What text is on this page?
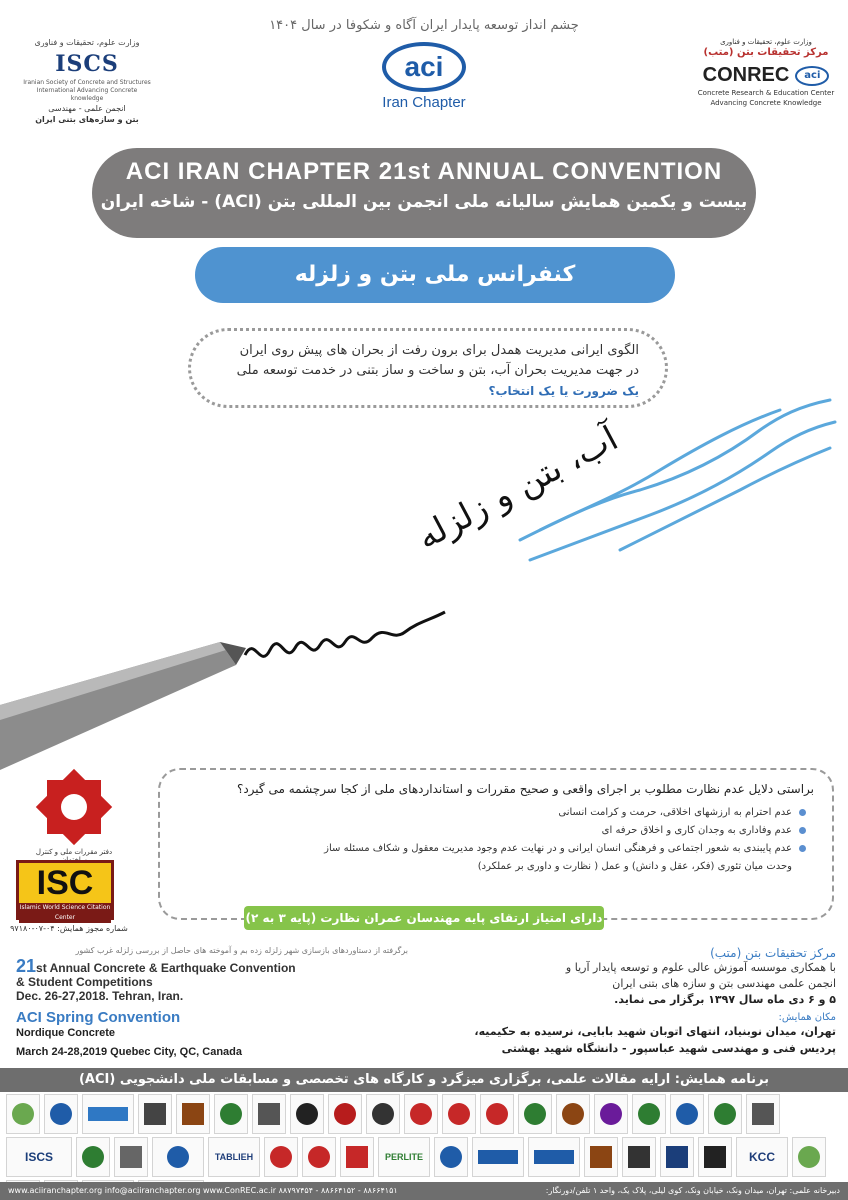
چشم انداز توسعه پایدار ایران آگاه و شکوفا در سال ۱۴۰۴
وزارت علوم، تحقیقات و فناوری
ISCS
Iranian Society of Concrete and Structures
International Advancing Concrete knowledge
انجمن علمی - مهندسی
بتن و سازه‌های بتنی ایران
aci
Iran Chapter
وزارت علوم، تحقیقات و فناوری
مرکز تحقیقات بتن (متب)
CONREC	aci
Concrete Research & Education Center
Advancing Concrete Knowledge
ACI IRAN CHAPTER 21st ANNUAL CONVENTION
بیست و یکمین همایش سالیانه ملی انجمن بین المللی بتن (ACI) - شاخه ایران
کنفرانس ملی بتن و زلزله

الگوی ایرانی مدیریت همدل برای برون رفت از بحران های پیش روی ایران

در جهت مدیریت بحران آب، بتن و ساخت و ساز بتنی در خدمت توسعه ملی

یک ضرورت یا یک انتخاب؟

آب، بتن و زلزله
دفتر مقررات ملی و کنترل
ISC
Islamic World Science Citation Center
شماره مجوز همایش: ۰۴-۰۷-۹۷۱۸۰
براستی دلایل عدم نظارت مطلوب بر اجرای واقعی و صحیح مقررات و استانداردهای ملی از کجا سرچشمه می گیرد؟
عدم احترام به ارزشهای اخلاقی، حرمت و کرامت انسانی
عدم وفاداری به وجدان کاری و اخلاق حرفه ای
عدم پایبندی به شعور اجتماعی و فرهنگی انسان ایرانی و در نهایت عدم وجود مدیریت معقول و شکاف مسئله ساز
وحدت میان تئوری (فکر، عقل و دانش) و عمل ( نظارت و داوری بر عملکرد)
دارای امتیاز ارتقای پایه مهندسان عمران نظارت (پایه ۳ به ۲)
برگرفته از دستاوردهای بازسازی شهر زلزله زده بم و آموخته های حاصل از بررسی زلزله غرب کشور
21st Annual Concrete & Earthquake Convention
& Student Competitions
Dec. 26-27,2018. Tehran, Iran.
ACI Spring Convention
Nordique Concrete
March 24-28,2019 Quebec City, QC, Canada
مرکز تحقیقات بتن (متب)
با همکاری موسسه آموزش عالی علوم و توسعه پایدار آریا و
انجمن علمی مهندسی بتن و سازه های بتنی ایران
۵ و ۶ دی ماه سال ۱۳۹۷ برگزار می نماید.
مکان همایش:
تهران، میدان نوبنیاد، انتهای اتوبان شهید بابایی، نرسیده به حکیمیه،
پردیس فنی و مهندسی شهید عباسپور - دانشگاه شهید بهشتی
برنامه همایش: ارایه مقالات علمی، برگزاری میزگرد و کارگاه های تخصصی و مسابقات ملی دانشجویی (ACI)
ISCS	TABLIEH	PERLITE	KCC
www.aciiranchapter.org info@aciiranchapter.org www.ConREC.ac.ir ۸۸۷۹۷۴۵۴ - ۸۸۶۶۴۱۵۲ - ۸۸۶۶۴۱۵۱	دبیرخانه علمی: تهران، میدان ونک، خیابان ونک، کوی لیلی، پلاک یک، واحد ۱ تلفن/دورنگار:
